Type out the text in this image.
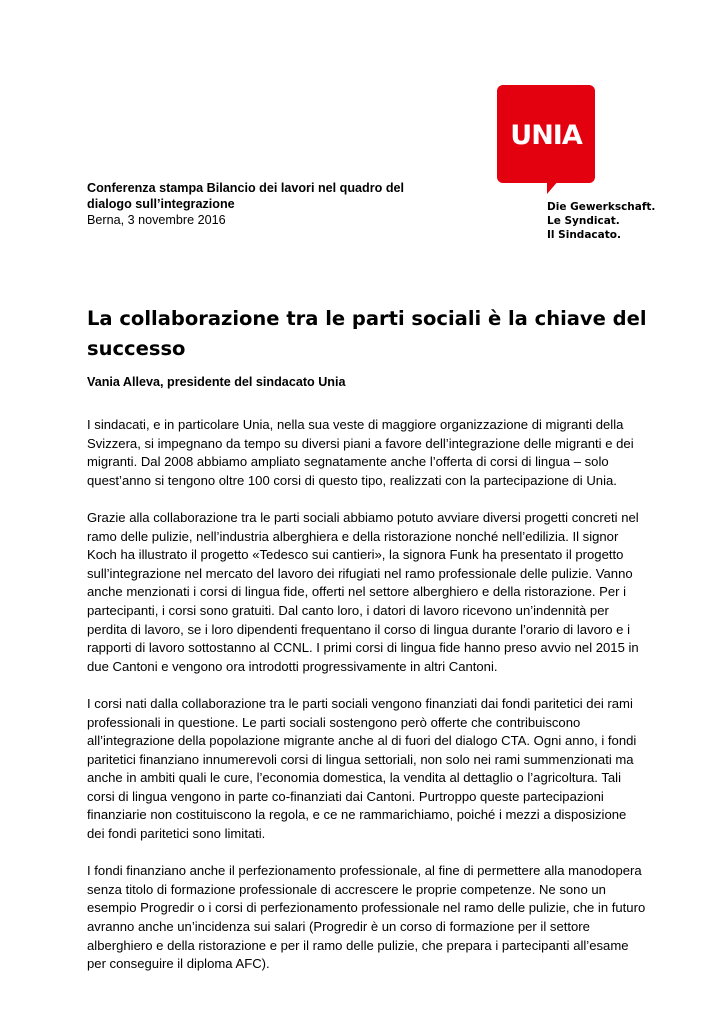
UNIA
Die Gewerkschaft.
Le Syndicat.
Il Sindacato.
Conferenza stampa Bilancio dei lavori nel quadro del
dialogo sull’integrazione
Berna, 3 novembre 2016
La collaborazione tra le parti sociali è la chiave del successo
Vania Alleva, presidente del sindacato Unia

I sindacati, e in particolare Unia, nella sua veste di maggiore organizzazione di migranti della Svizzera, si impegnano da tempo su diversi piani a favore dell’integrazione delle migranti e dei migranti. Dal 2008 abbiamo ampliato segnatamente anche l’offerta di corsi di lingua – solo quest’anno si tengono oltre 100 corsi di questo tipo, realizzati con la partecipazione di Unia.

Grazie alla collaborazione tra le parti sociali abbiamo potuto avviare diversi progetti concreti nel ramo delle pulizie, nell’industria alberghiera e della ristorazione nonché nell’edilizia. Il signor Koch ha illustrato il progetto «Tedesco sui cantieri», la signora Funk ha presentato il progetto sull’integrazione nel mercato del lavoro dei rifugiati nel ramo professionale delle pulizie. Vanno anche menzionati i corsi di lingua fide, offerti nel settore alberghiero e della ristorazione. Per i partecipanti, i corsi sono gratuiti. Dal canto loro, i datori di lavoro ricevono un’indennità per perdita di lavoro, se i loro dipendenti frequentano il corso di lingua durante l’orario di lavoro e i rapporti di lavoro sottostanno al CCNL. I primi corsi di lingua fide hanno preso avvio nel 2015 in due Cantoni e vengono ora introdotti progressivamente in altri Cantoni.

I corsi nati dalla collaborazione tra le parti sociali vengono finanziati dai fondi paritetici dei rami professionali in questione. Le parti sociali sostengono però offerte che contribuiscono all’integrazione della popolazione migrante anche al di fuori del dialogo CTA. Ogni anno, i fondi paritetici finanziano innumerevoli corsi di lingua settoriali, non solo nei rami summenzionati ma anche in ambiti quali le cure, l’economia domestica, la vendita al dettaglio o l’agricoltura. Tali corsi di lingua vengono in parte co-finanziati dai Cantoni. Purtroppo queste partecipazioni finanziarie non costituiscono la regola, e ce ne rammarichiamo, poiché i mezzi a disposizione dei fondi paritetici sono limitati.

I fondi finanziano anche il perfezionamento professionale, al fine di permettere alla manodopera senza titolo di formazione professionale di accrescere le proprie competenze. Ne sono un esempio Progredir o i corsi di perfezionamento professionale nel ramo delle pulizie, che in futuro avranno anche un’incidenza sui salari (Progredir è un corso di formazione per il settore alberghiero e della ristorazione e per il ramo delle pulizie, che prepara i partecipanti all’esame per conseguire il diploma AFC).
